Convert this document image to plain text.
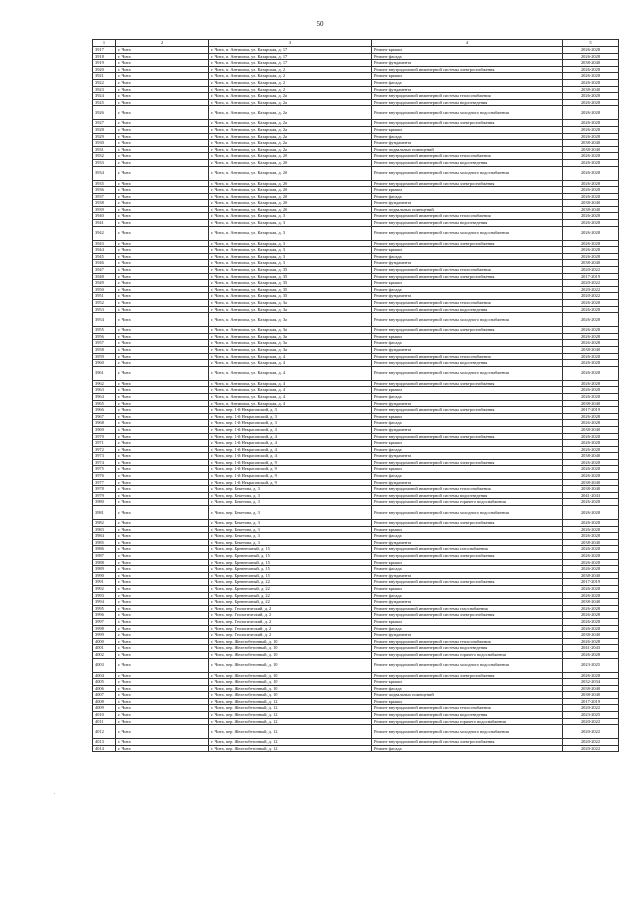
50
.
1	2	3	4	5
3917	г. Чита	г. Чита, п. Антипиха, ул. Казарская, д. 17	Ремонт крыши	2026-2028
3918	г. Чита	г. Чита, п. Антипиха, ул. Казарская, д. 17	Ремонт фасада	2026-2028
3919	г. Чита	г. Чита, п. Антипиха, ул. Казарская, д. 17	Ремонт фундамента	2038-2040
3920	г. Чита	г. Чита, п. Антипиха, ул. Казарская, д. 2	Ремонт внутридомовой инженерной системы электроснабжения	2026-2028
3921	г. Чита	г. Чита, п. Антипиха, ул. Казарская, д. 2	Ремонт крыши	2026-2028
3922	г. Чита	г. Чита, п. Антипиха, ул. Казарская, д. 2	Ремонт фасада	2026-2028
3923	г. Чита	г. Чита, п. Антипиха, ул. Казарская, д. 2	Ремонт фундамента	2038-2040
3924	г. Чита	г. Чита, п. Антипиха, ул. Казарская, д. 2а	Ремонт внутридомовой инженерной системы теплоснабжения	2026-2028
3925	г. Чита	г. Чита, п. Антипиха, ул. Казарская, д. 2а	Ремонт внутридомовой инженерной системы водоотведения	2026-2028
3926	г. Чита	г. Чита, п. Антипиха, ул. Казарская, д. 2а	Ремонт внутридомовой инженерной системы холодного водоснабжения	2026-2028
3927	г. Чита	г. Чита, п. Антипиха, ул. Казарская, д. 2а	Ремонт внутридомовой инженерной системы электроснабжения	2026-2028
3928	г. Чита	г. Чита, п. Антипиха, ул. Казарская, д. 2а	Ремонт крыши	2026-2028
3929	г. Чита	г. Чита, п. Антипиха, ул. Казарская, д. 2а	Ремонт фасада	2026-2028
3930	г. Чита	г. Чита, п. Антипиха, ул. Казарская, д. 2а	Ремонт фундамента	2038-2040
3931	г. Чита	г. Чита, п. Антипиха, ул. Казарская, д. 2а	Ремонт подвальных помещений	2038-2040
3932	г. Чита	г. Чита, п. Антипиха, ул. Казарская, д. 2б	Ремонт внутридомовой инженерной системы теплоснабжения	2026-2028
3933	г. Чита	г. Чита, п. Антипиха, ул. Казарская, д. 2б	Ремонт внутридомовой инженерной системы водоотведения	2026-2028
3934	г. Чита	г. Чита, п. Антипиха, ул. Казарская, д. 2б	Ремонт внутридомовой инженерной системы холодного водоснабжения	2026-2028
3935	г. Чита	г. Чита, п. Антипиха, ул. Казарская, д. 2б	Ремонт внутридомовой инженерной системы электроснабжения	2026-2028
3936	г. Чита	г. Чита, п. Антипиха, ул. Казарская, д. 2б	Ремонт крыши	2026-2028
3937	г. Чита	г. Чита, п. Антипиха, ул. Казарская, д. 2б	Ремонт фасада	2026-2028
3938	г. Чита	г. Чита, п. Антипиха, ул. Казарская, д. 2б	Ремонт фундамента	2038-2040
3939	г. Чита	г. Чита, п. Антипиха, ул. Казарская, д. 2б	Ремонт подвальных помещений	2038-2040
3940	г. Чита	г. Чита, п. Антипиха, ул. Казарская, д. 3	Ремонт внутридомовой инженерной системы теплоснабжения	2026-2028
3941	г. Чита	г. Чита, п. Антипиха, ул. Казарская, д. 3	Ремонт внутридомовой инженерной системы водоотведения	2026-2028
3942	г. Чита	г. Чита, п. Антипиха, ул. Казарская, д. 3	Ремонт внутридомовой инженерной системы холодного водоснабжения	2026-2028
3943	г. Чита	г. Чита, п. Антипиха, ул. Казарская, д. 3	Ремонт внутридомовой инженерной системы электроснабжения	2026-2028
3944	г. Чита	г. Чита, п. Антипиха, ул. Казарская, д. 3	Ремонт крыши	2026-2028
3945	г. Чита	г. Чита, п. Антипиха, ул. Казарская, д. 3	Ремонт фасада	2026-2028
3946	г. Чита	г. Чита, п. Антипиха, ул. Казарская, д. 3	Ремонт фундамента	2038-2040
3947	г. Чита	г. Чита, п. Антипиха, ул. Казарская, д. 35	Ремонт внутридомовой инженерной системы теплоснабжения	2020-2022
3948	г. Чита	г. Чита, п. Антипиха, ул. Казарская, д. 35	Ремонт внутридомовой инженерной системы электроснабжения	2017-2019
3949	г. Чита	г. Чита, п. Антипиха, ул. Казарская, д. 35	Ремонт крыши	2020-2022
3950	г. Чита	г. Чита, п. Антипиха, ул. Казарская, д. 35	Ремонт фасада	2020-2022
3951	г. Чита	г. Чита, п. Антипиха, ул. Казарская, д. 35	Ремонт фундамента	2020-2022
3952	г. Чита	г. Чита, п. Антипиха, ул. Казарская, д. 3а	Ремонт внутридомовой инженерной системы теплоснабжения	2026-2028
3953	г. Чита	г. Чита, п. Антипиха, ул. Казарская, д. 3а	Ремонт внутридомовой инженерной системы водоотведения	2026-2028
3954	г. Чита	г. Чита, п. Антипиха, ул. Казарская, д. 3а	Ремонт внутридомовой инженерной системы холодного водоснабжения	2026-2028
3955	г. Чита	г. Чита, п. Антипиха, ул. Казарская, д. 3а	Ремонт внутридомовой инженерной системы электроснабжения	2026-2028
3956	г. Чита	г. Чита, п. Антипиха, ул. Казарская, д. 3а	Ремонт крыши	2026-2028
3957	г. Чита	г. Чита, п. Антипиха, ул. Казарская, д. 3а	Ремонт фасада	2026-2028
3958	г. Чита	г. Чита, п. Антипиха, ул. Казарская, д. 3а	Ремонт фундамента	2038-2040
3959	г. Чита	г. Чита, п. Антипиха, ул. Казарская, д. 4	Ремонт внутридомовой инженерной системы теплоснабжения	2026-2028
3960	г. Чита	г. Чита, п. Антипиха, ул. Казарская, д. 4	Ремонт внутридомовой инженерной системы водоотведения	2026-2028
3961	г. Чита	г. Чита, п. Антипиха, ул. Казарская, д. 4	Ремонт внутридомовой инженерной системы холодного водоснабжения	2026-2028
3962	г. Чита	г. Чита, п. Антипиха, ул. Казарская, д. 4	Ремонт внутридомовой инженерной системы электроснабжения	2026-2028
3963	г. Чита	г. Чита, п. Антипиха, ул. Казарская, д. 4	Ремонт крыши	2026-2028
3964	г. Чита	г. Чита, п. Антипиха, ул. Казарская, д. 4	Ремонт фасада	2026-2028
3965	г. Чита	г. Чита, п. Антипиха, ул. Казарская, д. 4	Ремонт фундамента	2038-2040
3966	г. Чита	г. Чита, пер. 1-й Некрасовский, д. 3	Ремонт внутридомовой инженерной системы электроснабжения	2017-2019
3967	г. Чита	г. Чита, пер. 1-й Некрасовский, д. 3	Ремонт крыши	2026-2028
3968	г. Чита	г. Чита, пер. 1-й Некрасовский, д. 3	Ремонт фасада	2026-2028
3969	г. Чита	г. Чита, пер. 1-й Некрасовский, д. 3	Ремонт фундамента	2038-2040
3970	г. Чита	г. Чита, пер. 1-й Некрасовский, д. 4	Ремонт внутридомовой инженерной системы электроснабжения	2026-2028
3971	г. Чита	г. Чита, пер. 1-й Некрасовский, д. 4	Ремонт крыши	2026-2028
3972	г. Чита	г. Чита, пер. 1-й Некрасовский, д. 4	Ремонт фасада	2026-2028
3973	г. Чита	г. Чита, пер. 1-й Некрасовский, д. 4	Ремонт фундамента	2038-2040
3974	г. Чита	г. Чита, пер. 1-й Некрасовский, д. 9	Ремонт внутридомовой инженерной системы электроснабжения	2026-2028
3975	г. Чита	г. Чита, пер. 1-й Некрасовский, д. 9	Ремонт крыши	2026-2028
3976	г. Чита	г. Чита, пер. 1-й Некрасовский, д. 9	Ремонт фасада	2026-2028
3977	г. Чита	г. Чита, пер. 1-й Некрасовский, д. 9	Ремонт фундамента	2038-2040
3978	г. Чита	г. Чита, пер. Бекетова, д. 3	Ремонт внутридомовой инженерной системы теплоснабжения	2038-2040
3979	г. Чита	г. Чита, пер. Бекетова, д. 3	Ремонт внутридомовой инженерной системы водоотведения	2041-2043
3980	г. Чита	г. Чита, пер. Бекетова, д. 3	Ремонт внутридомовой инженерной системы горячего водоснабжения	2026-2028
3981	г. Чита	г. Чита, пер. Бекетова, д. 3	Ремонт внутридомовой инженерной системы холодного водоснабжения	2026-2028
3982	г. Чита	г. Чита, пер. Бекетова, д. 3	Ремонт внутридомовой инженерной системы электроснабжения	2026-2028
3983	г. Чита	г. Чита, пер. Бекетова, д. 3	Ремонт крыши	2026-2028
3984	г. Чита	г. Чита, пер. Бекетова, д. 3	Ремонт фасада	2026-2028
3985	г. Чита	г. Чита, пер. Бекетова, д. 3	Ремонт фундамента	2038-2040
3986	г. Чита	г. Чита, пер. Бревенчатый, д. 15	Ремонт внутридомовой инженерной системы газоснабжения	2026-2028
3987	г. Чита	г. Чита, пер. Бревенчатый, д. 15	Ремонт внутридомовой инженерной системы электроснабжения	2026-2028
3988	г. Чита	г. Чита, пер. Бревенчатый, д. 15	Ремонт крыши	2026-2028
3989	г. Чита	г. Чита, пер. Бревенчатый, д. 15	Ремонт фасада	2026-2028
3990	г. Чита	г. Чита, пер. Бревенчатый, д. 15	Ремонт фундамента	2038-2040
3991	г. Чита	г. Чита, пер. Бревенчатый, д. 22	Ремонт внутридомовой инженерной системы электроснабжения	2017-2019
3992	г. Чита	г. Чита, пер. Бревенчатый, д. 22	Ремонт крыши	2026-2028
3993	г. Чита	г. Чита, пер. Бревенчатый, д. 22	Ремонт фасада	2026-2028
3994	г. Чита	г. Чита, пер. Бревенчатый, д. 22	Ремонт фундамента	2038-2040
3995	г. Чита	г. Чита, пер. Геологический, д. 2	Ремонт внутридомовой инженерной системы газоснабжения	2026-2028
3996	г. Чита	г. Чита, пер. Геологический, д. 2	Ремонт внутридомовой инженерной системы электроснабжения	2026-2028
3997	г. Чита	г. Чита, пер. Геологический, д. 2	Ремонт крыши	2026-2028
3998	г. Чита	г. Чита, пер. Геологический, д. 2	Ремонт фасада	2026-2028
3999	г. Чита	г. Чита, пер. Геологический, д. 2	Ремонт фундамента	2038-2040
4000	г. Чита	г. Чита, пер. Железобетонный, д. 10	Ремонт внутридомовой инженерной системы теплоснабжения	2026-2028
4001	г. Чита	г. Чита, пер. Железобетонный, д. 10	Ремонт внутридомовой инженерной системы водоотведения	2041-2043
4002	г. Чита	г. Чита, пер. Железобетонный, д. 10	Ремонт внутридомовой инженерной системы горячего водоснабжения	2026-2028
4003	г. Чита	г. Чита, пер. Железобетонный, д. 10	Ремонт внутридомовой инженерной системы холодного водоснабжения	2023-2025
4004	г. Чита	г. Чита, пер. Железобетонный, д. 10	Ремонт внутридомовой инженерной системы электроснабжения	2026-2028
4005	г. Чита	г. Чита, пер. Железобетонный, д. 10	Ремонт крыши	2032-2034
4006	г. Чита	г. Чита, пер. Железобетонный, д. 10	Ремонт фасада	2038-2040
4007	г. Чита	г. Чита, пер. Железобетонный, д. 10	Ремонт подвальных помещений	2038-2040
4008	г. Чита	г. Чита, пер. Железобетонный, д. 12	Ремонт крыши	2017-2019
4009	г. Чита	г. Чита, пер. Железобетонный, д. 12	Ремонт внутридомовой инженерной системы теплоснабжения	2020-2022
4010	г. Чита	г. Чита, пер. Железобетонный, д. 12	Ремонт внутридомовой инженерной системы водоотведения	2023-2025
4011	г. Чита	г. Чита, пер. Железобетонный, д. 12	Ремонт внутридомовой инженерной системы горячего водоснабжения	2020-2022
4012	г. Чита	г. Чита, пер. Железобетонный, д. 12	Ремонт внутридомовой инженерной системы холодного водоснабжения	2020-2022
4013	г. Чита	г. Чита, пер. Железобетонный, д. 12	Ремонт внутридомовой инженерной системы электроснабжения	2020-2022
4014	г. Чита	г. Чита, пер. Железобетонный, д. 12	Ремонт фасада	2020-2022
